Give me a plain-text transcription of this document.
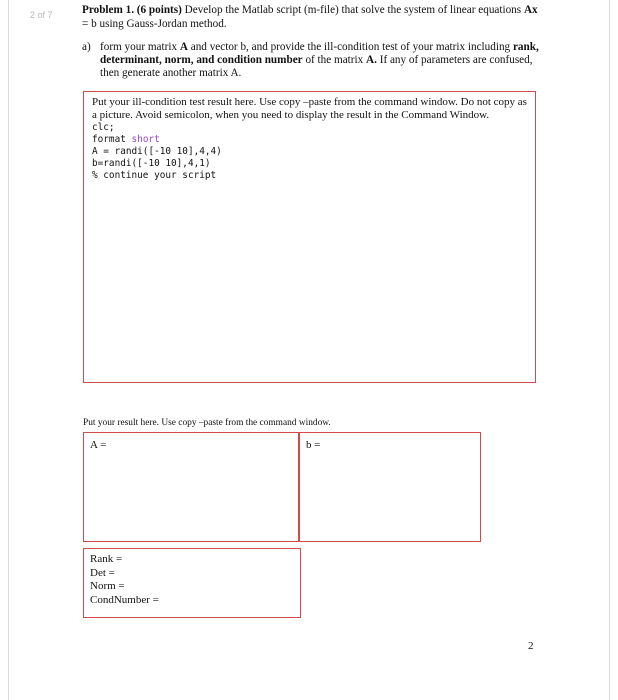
2 of 7	Problem 1. (6 points) Develop the Matlab script (m-file) that solve the system of linear equations Ax = b using Gauss-Jordan method.
a) form your matrix A and vector b, and provide the ill-condition test of your matrix including rank, determinant, norm, and condition number of the matrix A. If any of parameters are confused, then generate another matrix A.

Put your ill-condition test result here. Use copy –paste from the command window. Do not copy as a picture. Avoid semicolon, when you need to display the result in the Command Window.

clc;
format short
A = randi([-10 10],4,4)
b=randi([-10 10],4,1)
% continue your script
Put your result here. Use copy –paste from the command window.
A =	b =
Rank =
Det =
Norm =
CondNumber =
2
